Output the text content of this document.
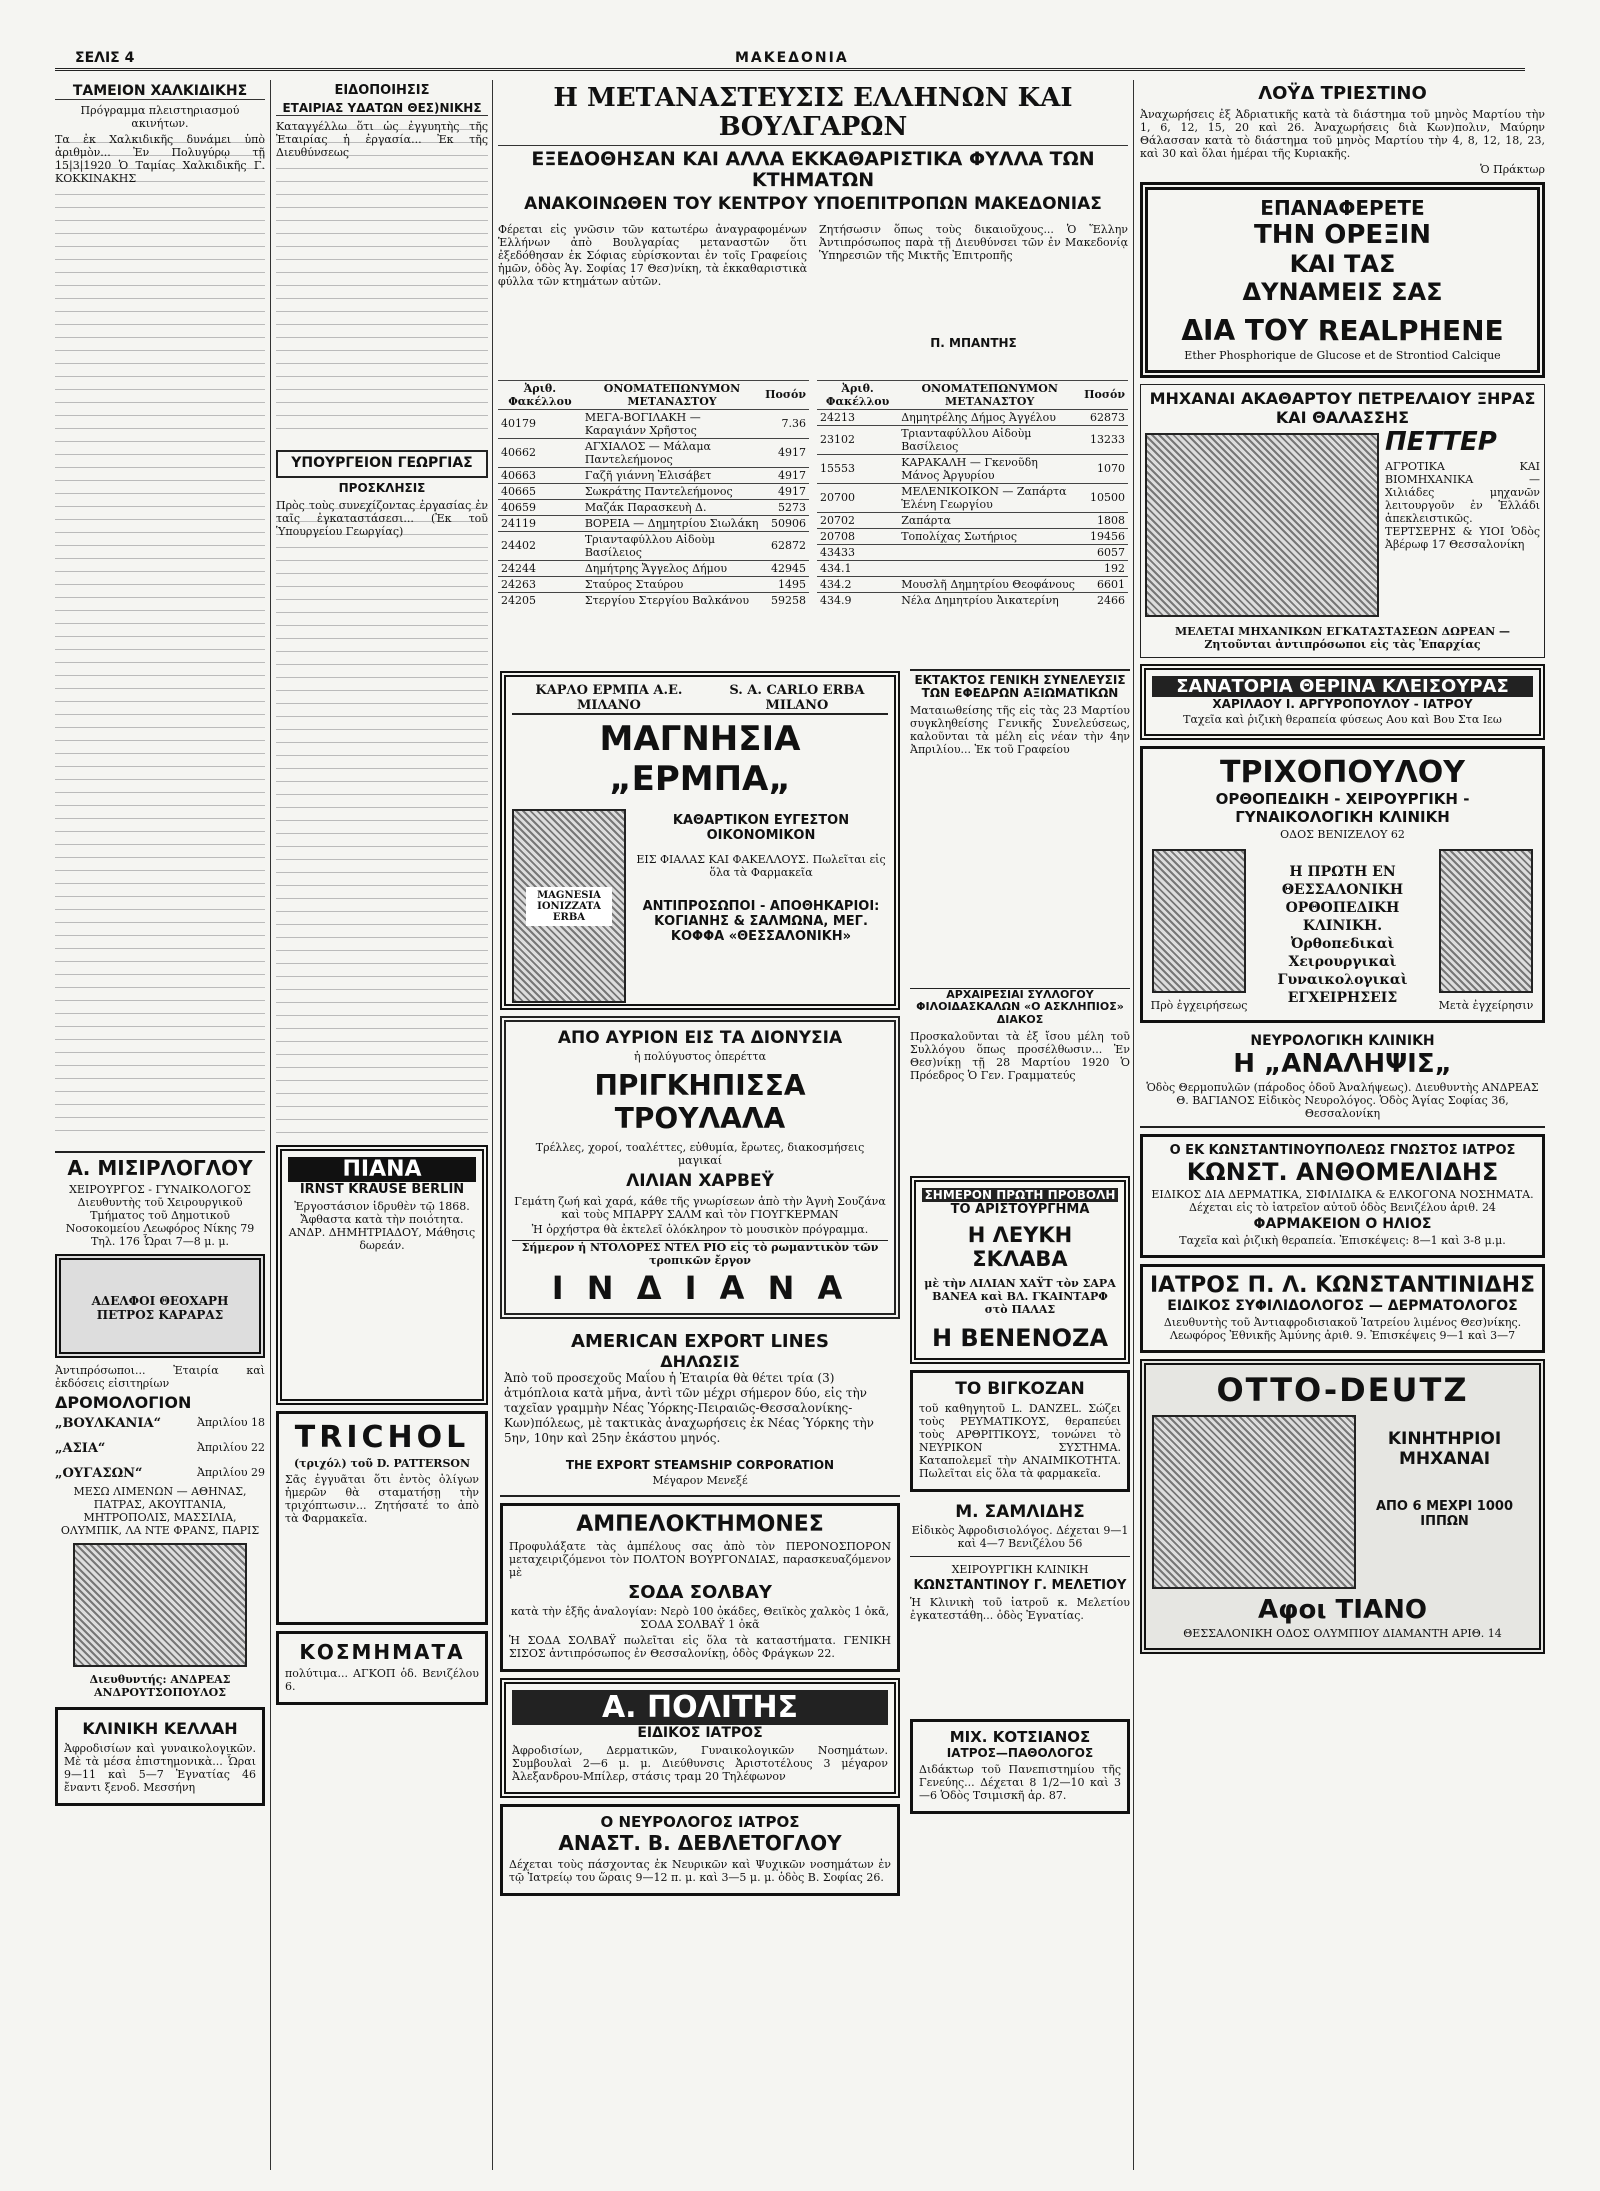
ΣΕΛΙΣ 4	ΜΑΚΕΔΟΝΙΑ
ΤΑΜΕΙΟΝ ΧΑΛΚΙΔΙΚΗΣ
Πρόγραμμα πλειστηριασμού ακινήτων.
Τα ἐκ Χαλκιδικῆς δυνάμει ὑπὸ ἀριθμὸν... Ἐν Πολυγύρῳ τῇ 15|3|1920 Ὁ Ταμίας Χαλκιδικῆς Γ. ΚΟΚΚΙΝΑΚΗΣ
Α. ΜΙΣΙΡΛΟΓΛΟΥ
ΧΕΙΡΟΥΡΓΟΣ - ΓΥΝΑΙΚΟΛΟΓΟΣ Διευθυντὴς τοῦ Χειρουργικοῦ Τμήματος τοῦ Δημοτικοῦ Νοσοκομείου Λεωφόρος Νίκης 79 Τηλ. 176 Ὧραι 7—8 μ. μ.
ΑΔΕΛΦΟΙ ΘΕΟΧΑΡΗ ΠΕΤΡΟΣ ΚΑΡΑΡΑΣ
Ἀντιπρόσωποι... Ἐταιρία καὶ ἐκδόσεις εἰσιτηρίων
ΔΡΟΜΟΛΟΓΙΟΝ
„ΒΟΥΛΚΑΝΙΑ“	Ἀπριλίου 18
„ΑΣΙΑ“	Ἀπριλίου 22
„ΟΥΓΑΣΩΝ“	Ἀπριλίου 29
ΜΕΣΩ ΛΙΜΕΝΩΝ — ΑΘΗΝΑΣ, ΠΑΤΡΑΣ, ΑΚΟΥΙΤΑΝΙΑ, ΜΗΤΡΟΠΟΛΙΣ, ΜΑΣΣΙΛΙΑ, ΟΛΥΜΠΙΚ, ΛΑ ΝΤΕ ΦΡΑΝΣ, ΠΑΡΙΣ
Διευθυντής: ΑΝΔΡΕΑΣ ΑΝΔΡΟΥΤΣΟΠΟΥΛΟΣ
ΚΛΙΝΙΚΗ ΚΕΛΛΑΗ
Ἀφροδισίων καὶ γυναικολογικῶν. Μὲ τὰ μέσα ἐπιστημονικὰ... Ὧραι 9—11 καὶ 5—7 Ἐγνατίας 46 ἔναντι ξενοδ. Μεσσήνη
ΕΙΔΟΠΟΙΗΣΙΣ
ΕΤΑΙΡΙΑΣ ΥΔΑΤΩΝ ΘΕΣ)ΝΙΚΗΣ
Καταγγέλλω ὅτι ὡς ἐγγυητὴς τῆς Ἐταιρίας ἡ ἐργασία... Ἐκ τῆς Διευθύνσεως
ΥΠΟΥΡΓΕΙΟΝ ΓΕΩΡΓΙΑΣ
ΠΡΟΣΚΛΗΣΙΣ
Πρὸς τοὺς συνεχίζοντας ἐργασίας ἐν ταῖς ἐγκαταστάσεσι... (Ἐκ τοῦ Ὑπουργείου Γεωργίας)
ΠΙΑΝΑ
IRNST KRAUSE BERLIN
Ἐργοστάσιον ἱδρυθὲν τῷ 1868. Ἄφθαστα κατὰ τὴν ποιότητα. ΑΝΔΡ. ΔΗΜΗΤΡΙΑΔΟΥ, Μάθησις δωρεάν.
TRICHOL
(τριχόλ) τοῦ D. PATTERSON
Σᾶς ἐγγυᾶται ὅτι ἐντὸς ὀλίγων ἡμερῶν θὰ σταματήσῃ τὴν τριχόπτωσιν... Ζητήσατέ το ἀπὸ τὰ Φαρμακεῖα.
ΚΟΣΜΗΜΑΤΑ
πολύτιμα... ΑΓΚΟΠ ὁδ. Βενιζέλου 6.
Η ΜΕΤΑΝΑΣΤΕΥΣΙΣ ΕΛΛΗΝΩΝ ΚΑΙ ΒΟΥΛΓΑΡΩΝ
ΕΞΕΔΟΘΗΣΑΝ ΚΑΙ ΑΛΛΑ ΕΚΚΑΘΑΡΙΣΤΙΚΑ ΦΥΛΛΑ ΤΩΝ ΚΤΗΜΑΤΩΝ
ΑΝΑΚΟΙΝΩΘΕΝ ΤΟΥ ΚΕΝΤΡΟΥ ΥΠΟΕΠΙΤΡΟΠΩΝ ΜΑΚΕΔΟΝΙΑΣ
Φέρεται εἰς γνῶσιν τῶν κατωτέρω ἀναγραφομένων Ἑλλήνων ἀπὸ Βουλγαρίας μεταναστῶν ὅτι ἐξεδόθησαν ἐκ Σόφιας εὑρίσκονται ἐν τοῖς Γραφείοις ἡμῶν, ὁδὸς Ἁγ. Σοφίας 17 Θεσ)νίκη, τὰ ἐκκαθαριστικὰ φύλλα τῶν κτημάτων αὐτῶν.
Ζητήσωσιν ὅπως τοὺς δικαιοῦχους... Ὁ Ἕλλην Ἀντιπρόσωπος παρὰ τῇ Διευθύνσει τῶν ἐν Μακεδονίᾳ Ὑπηρεσιῶν τῆς Μικτῆς Ἐπιτροπῆς
Π. ΜΠΑΝΤΗΣ
Ἀριθ. Φακέλλου	ΟΝΟΜΑΤΕΠΩΝΥΜΟΝ ΜΕΤΑΝΑΣΤΟΥ	Ποσόν
40179	ΜΕΓΑ-ΒΟΓΙΛΑΚΗ — Καραγιάνν Χρῆστος	7.36
40662	ΑΓΧΙΑΛΟΣ — Μάλαμα Παντελεήμονος	4917
40663	Γαζῆ γιάννη Ἐλισάβετ	4917
40665	Σωκράτης Παντελεήμονος	4917
40659	Μαζάκ Παρασκευὴ Δ.	5273
24119	ΒΟΡΕΙΑ — Δημητρίου Σιωλάκη	50906
24402	Τριανταφύλλου Αἰδοὺμ Βασίλειος	62872
24244	Δημήτρης Ἄγγελος Δήμου	42945
24263	Σταύρος Σταύρου	1495
24205	Στεργίου Στεργίου Βαλκάνου	59258
Ἀριθ. Φακέλλου	ΟΝΟΜΑΤΕΠΩΝΥΜΟΝ ΜΕΤΑΝΑΣΤΟΥ	Ποσόν
24213	Δημητρέλης Δήμος Ἀγγέλου	62873
23102	Τριανταφύλλου Αἰδοὺμ Βασίλειος	13233
15553	ΚΑΡΑΚΑΛΗ — Γκενοῦδη Μάνος Ἀργυρίου	1070
20700	ΜΕΛΕΝΙΚΟΙΚΟΝ — Ζαπάρτα Ἑλένη Γεωργίου	10500
20702	Ζαπάρτα	1808
20708	Τοπολίχας Σωτήριος	19456
43433		6057
434.1		192
434.2	Μουσλῆ Δημητρίου Θεοφάνους	6601
434.9	Νέλα Δημητρίου Ἀικατερίνη	2466
ΚΑΡΛΟ ΕΡΜΠΑ Α.Ε. ΜΙΛΑΝΟ
S. A. CARLO ERBA MILANO
ΜΑΓΝΗΣΙΑ „ΕΡΜΠΑ„
MAGNESIA IONIZZATA ERBA
ΚΑΘΑΡΤΙΚΟΝ ΕΥΓΕΣΤΟΝ ΟΙΚΟΝΟΜΙΚΟΝ
ΕΙΣ ΦΙΑΛΑΣ ΚΑΙ ΦΑΚΕΛΛΟΥΣ. Πωλεῖται εἰς ὅλα τὰ Φαρμακεῖα
ΑΝΤΙΠΡΟΣΩΠΟΙ - ΑΠΟΘΗΚΑΡΙΟΙ: ΚΟΓΙΑΝΗΣ & ΣΑΛΜΩΝΑ, ΜΕΓ. ΚΟΦΦΑ «ΘΕΣΣΑΛΟΝΙΚΗ»
ΑΠΟ ΑΥΡΙΟΝ ΕΙΣ ΤΑ ΔΙΟΝΥΣΙΑ
ἡ πολύγυστος ὀπερέττα
ΠΡΙΓΚΗΠΙΣΣΑ ΤΡΟΥΛΑΛΑ
Τρέλλες, χοροί, τοαλέττες, εὐθυμία, ἔρωτες, διακοσμήσεις μαγικαί
ΛΙΛΙΑΝ ΧΑΡΒΕΫ
Γεμάτη ζωή καὶ χαρά, κάθε τῆς γνωρίσεων ἀπὸ τὴν Ἁγνὴ Σουζάνα καὶ τοὺς ΜΠΑΡΡΥ ΣΑΛΜ καὶ τὸν ΓΙΟΥΓΚΕΡΜΑΝ
Ἡ ὀρχήστρα θὰ ἐκτελεῖ ὁλόκληρον τὸ μουσικὸν πρόγραμμα.
Σήμερον ἡ ΝΤΟΛΟΡΕΣ ΝΤΕΛ ΡΙΟ εἰς τὸ ρωμαντικὸν τῶν τροπικῶν ἔργον
Ι Ν Δ Ι Α Ν Α
AMERICAN EXPORT LINES
ΔΗΛΩΣΙΣ
Ἀπὸ τοῦ προσεχοῦς Μαΐου ἡ Ἑταιρία θὰ θέτει τρία (3) ἀτμόπλοια κατὰ μῆνα, ἀντὶ τῶν μέχρι σήμερον δύο, εἰς τὴν ταχεῖαν γραμμὴν Νέας Ὑόρκης-Πειραιῶς-Θεσσαλονίκης-Κων)πόλεως, μὲ τακτικὰς ἀναχωρήσεις ἐκ Νέας Ὑόρκης τὴν 5ην, 10ην καὶ 25ην ἑκάστου μηνός.
THE EXPORT STEAMSHIP CORPORATION
Μέγαρον Μενεξέ
ΑΜΠΕΛΟΚΤΗΜΟΝΕΣ
Προφυλάξατε τὰς ἀμπέλους σας ἀπὸ τὸν ΠΕΡΟΝΟΣΠΟΡΟΝ μεταχειριζόμενοι τὸν ΠΟΛΤΟΝ ΒΟΥΡΓΟΝΔΙΑΣ, παρασκευαζόμενον μὲ
ΣΟΔΑ ΣΟΛΒΑΥ
κατὰ τὴν ἑξῆς ἀναλογίαν: Νερὸ 100 ὀκάδες, Θειϊκὸς χαλκὸς 1 ὀκᾶ, ΣΟΔΑ ΣΟΛΒΑΫ 1 ὀκᾶ
Ἡ ΣΟΔΑ ΣΟΛΒΑΫ πωλεῖται εἰς ὅλα τὰ καταστήματα. ΓΕΝΙΚΗ ΣΙΣΟΣ ἀντιπρόσωπος ἐν Θεσσαλονίκῃ, ὁδὸς Φράγκων 22.
Α. ΠΟΛΙΤΗΣ
ΕΙΔΙΚΟΣ ΙΑΤΡΟΣ
Ἀφροδισίων, Δερματικῶν, Γυναικολογικῶν Νοσημάτων. Συμβουλαὶ 2—6 μ. μ. Διεύθυνσις Ἀριστοτέλους 3 μέγαρον Ἀλεξανδρου-Μπίλερ, στάσις τραμ 20 Τηλέφωνον
Ο ΝΕΥΡΟΛΟΓΟΣ ΙΑΤΡΟΣ
ΑΝΑΣΤ. Β. ΔΕΒΛΕΤΟΓΛΟΥ
Δέχεται τοὺς πάσχοντας ἐκ Νευρικῶν καὶ Ψυχικῶν νοσημάτων ἐν τῷ Ἰατρείῳ του ὥραις 9—12 π. μ. καὶ 3—5 μ. μ. ὁδὸς Β. Σοφίας 26.
ΕΚΤΑΚΤΟΣ ΓΕΝΙΚΗ ΣΥΝΕΛΕΥΣΙΣ ΤΩΝ ΕΦΕΔΡΩΝ ΑΞΙΩΜΑΤΙΚΩΝ
Ματαιωθείσης τῆς εἰς τὰς 23 Μαρτίου συγκληθείσης Γενικῆς Συνελεύσεως, καλοῦνται τὰ μέλη εἰς νέαν τὴν 4ην Ἀπριλίου... Ἐκ τοῦ Γραφείου
ΑΡΧΑΙΡΕΣΙΑΙ ΣΥΛΛΟΓΟΥ ΦΙΛΟΙΔΑΣΚΑΛΩΝ «Ο ΑΣΚΛΗΠΙΟΣ» ΔΙΑΚΟΣ
Προσκαλοῦνται τὰ ἐξ ἴσου μέλη τοῦ Συλλόγου ὅπως προσέλθωσιν... Ἐν Θεσ)νίκῃ τῇ 28 Μαρτίου 1920 Ὁ Πρόεδρος Ὁ Γεν. Γραμματεύς
ΣΗΜΕΡΟΝ ΠΡΩΤΗ ΠΡΟΒΟΛΗ
ΤΟ ΑΡΙΣΤΟΥΡΓΗΜΑ
Η ΛΕΥΚΗ ΣΚΛΑΒΑ
μὲ τὴν ΛΙΛΙΑΝ ΧΑΫΤ τὸν ΣΑΡΑ ΒΑΝΕΑ καὶ ΒΛ. ΓΚΑΙΝΤΑΡΦ στὸ ΠΑΛΑΣ
Η ΒΕΝΕΝΟΖΑ
ΤΟ ΒΙΓΚΟΖΑΝ
τοῦ καθηγητοῦ L. DANZEL. Σώζει τοὺς ΡΕΥΜΑΤΙΚΟΥΣ, θεραπεύει τοὺς ΑΡΘΡΙΤΙΚΟΥΣ, τονώνει τὸ ΝΕΥΡΙΚΟΝ ΣΥΣΤΗΜΑ. Καταπολεμεῖ τὴν ΑΝΑΙΜΙΚΟΤΗΤΑ. Πωλεῖται εἰς ὅλα τὰ φαρμακεῖα.
Μ. ΣΑΜΛΙΔΗΣ
Εἰδικὸς Ἀφροδισιολόγος. Δέχεται 9—1 καὶ 4—7 Βενιζέλου 56
ΧΕΙΡΟΥΡΓΙΚΗ ΚΛΙΝΙΚΗ
ΚΩΝΣΤΑΝΤΙΝΟΥ Γ. ΜΕΛΕΤΙΟΥ
Ἡ Κλινικὴ τοῦ ἰατροῦ κ. Μελετίου ἐγκατεστάθη... ὁδὸς Ἐγνατίας.
ΜΙΧ. ΚΟΤΣΙΑΝΟΣ
ΙΑΤΡΟΣ—ΠΑΘΟΛΟΓΟΣ
Διδάκτωρ τοῦ Πανεπιστημίου τῆς Γενεύης... Δέχεται 8 1/2—10 καὶ 3—6 Ὁδὸς Τσιμισκῆ ἀρ. 87.
ΛΟΫΔ ΤΡΙΕΣΤΙΝΟ
Ἀναχωρήσεις ἐξ Ἀδριατικῆς κατὰ τὰ διάστημα τοῦ μηνὸς Μαρτίου τὴν 1, 6, 12, 15, 20 καὶ 26. Ἀναχωρήσεις διὰ Κων)πολιν, Μαύρην Θάλασσαν κατὰ τὸ διάστημα τοῦ μηνὸς Μαρτίου τὴν 4, 8, 12, 18, 23, καὶ 30 καὶ ὅλαι ἡμέραι τῆς Κυριακῆς.
Ὁ Πράκτωρ
ΕΠΑΝΑΦΕΡΕΤΕ
ΤΗΝ ΟΡΕΞΙΝ
ΚΑΙ ΤΑΣ
ΔΥΝΑΜΕΙΣ ΣΑΣ
ΔΙΑ ΤΟΥ REALPHENE
Ether Phosphorique de Glucose et de Strontiod Calcique
ΜΗΧΑΝΑΙ ΑΚΑΘΑΡΤΟΥ ΠΕΤΡΕΛΑΙΟΥ ΞΗΡΑΣ ΚΑΙ ΘΑΛΑΣΣΗΣ
ΠΕΤΤΕΡ
ΑΓΡΟΤΙΚΑ ΚΑΙ ΒΙΟΜΗΧΑΝΙΚΑ — Χιλιάδες μηχανῶν λειτουργοῦν ἐν Ἑλλάδι ἀπεκλειστικῶς. ΤΕΡΤΣΕΡΗΣ & ΥΙΟΙ Ὁδὸς Ἀβέρωφ 17 Θεσσαλονίκη
ΜΕΛΕΤΑΙ ΜΗΧΑΝΙΚΩΝ ΕΓΚΑΤΑΣΤΑΣΕΩΝ ΔΩΡΕΑΝ — Ζητοῦνται ἀντιπρόσωποι εἰς τὰς Ἐπαρχίας
ΣΑΝΑΤΟΡΙΑ ΘΕΡΙΝΑ ΚΛΕΙΣΟΥΡΑΣ
ΧΑΡΙΛΑΟΥ Ι. ΑΡΓΥΡΟΠΟΥΛΟΥ - ΙΑΤΡΟΥ
Ταχεῖα καὶ ῥιζικὴ θεραπεία φύσεως Αου καὶ Βου Στα Ιεω
ΤΡΙΧΟΠΟΥΛΟΥ
ΟΡΘΟΠΕΔΙΚΗ - ΧΕΙΡΟΥΡΓΙΚΗ - ΓΥΝΑΙΚΟΛΟΓΙΚΗ ΚΛΙΝΙΚΗ
ΟΔΟΣ ΒΕΝΙΖΕΛΟΥ 62
Πρὸ ἐγχειρήσεως
Η ΠΡΩΤΗ ΕΝ ΘΕΣΣΑΛΟΝΙΚΗ ΟΡΘΟΠΕΔΙΚΗ ΚΛΙΝΙΚΗ. Ὀρθοπεδικαὶ Χειρουργικαὶ Γυναικολογικαὶ ΕΓΧΕΙΡΗΣΕΙΣ	Μετὰ ἐγχείρησιν
ΝΕΥΡΟΛΟΓΙΚΗ ΚΛΙΝΙΚΗ
Η „ΑΝΑΛΗΨΙΣ„
Ὁδὸς Θερμοπυλῶν (πάροδος ὁδοῦ Ἀναλήψεως). Διευθυντὴς ΑΝΔΡΕΑΣ Θ. ΒΑΓΙΑΝΟΣ Εἰδικὸς Νευρολόγος. Ὁδὸς Ἁγίας Σοφίας 36, Θεσσαλονίκη
Ο ΕΚ ΚΩΝΣΤΑΝΤΙΝΟΥΠΟΛΕΩΣ ΓΝΩΣΤΟΣ ΙΑΤΡΟΣ
ΚΩΝΣΤ. ΑΝΘΟΜΕΛΙΔΗΣ
ΕΙΔΙΚΟΣ ΔΙΑ ΔΕΡΜΑΤΙΚΑ, ΣΙΦΙΛΙΔΙΚΑ & ΕΛΚΟΓΟΝΑ ΝΟΣΗΜΑΤΑ. Δέχεται εἰς τὸ ἰατρεῖον αὐτοῦ ὁδὸς Βενιζέλου ἀριθ. 24
ΦΑΡΜΑΚΕΙΟΝ Ο ΗΛΙΟΣ
Ταχεῖα καὶ ῥιζικὴ θεραπεία. Ἐπισκέψεις: 8—1 καὶ 3-8 μ.μ.
ΙΑΤΡΟΣ Π. Λ. ΚΩΝΣΤΑΝΤΙΝΙΔΗΣ
ΕΙΔΙΚΟΣ ΣΥΦΙΛΙΔΟΛΟΓΟΣ — ΔΕΡΜΑΤΟΛΟΓΟΣ
Διευθυντὴς τοῦ Ἀντιαφροδισιακοῦ Ἰατρείου λιμένος Θεσ)νίκης. Λεωφόρος Ἐθνικῆς Ἀμύνης ἀριθ. 9. Ἐπισκέψεις 9—1 καὶ 3—7
OTTO-DEUTZ
ΚΙΝΗΤΗΡΙΟΙ ΜΗΧΑΝΑΙ
ΑΠΟ 6 ΜΕΧΡΙ 1000 ΙΠΠΩΝ
Αφοι ΤΙΑΝΟ
ΘΕΣΣΑΛΟΝΙΚΗ ΟΔΟΣ ΟΛΥΜΠΙΟΥ ΔΙΑΜΑΝΤΗ ΑΡΙΘ. 14
